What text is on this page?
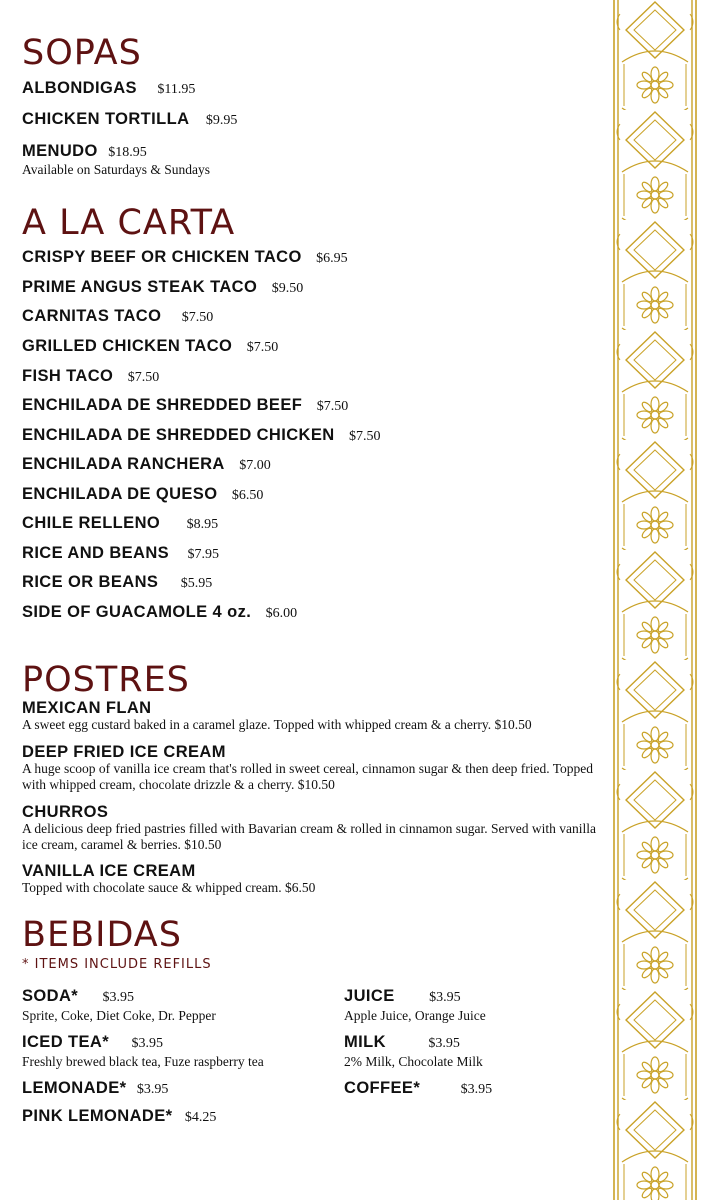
SOPAS
ALBONDIGAS $11.95
CHICKEN TORTILLA $9.95
MENUDO $18.95
Available on Saturdays & Sundays
A LA CARTA
CRISPY BEEF OR CHICKEN TACO $6.95
PRIME ANGUS STEAK TACO $9.50
CARNITAS TACO $7.50
GRILLED CHICKEN TACO $7.50
FISH TACO $7.50
ENCHILADA DE SHREDDED BEEF $7.50
ENCHILADA DE SHREDDED CHICKEN $7.50
ENCHILADA RANCHERA $7.00
ENCHILADA DE QUESO $6.50
CHILE RELLENO $8.95
RICE AND BEANS $7.95
RICE OR BEANS $5.95
SIDE OF GUACAMOLE 4 oz. $6.00
POSTRES
MEXICAN FLAN
A sweet egg custard baked in a caramel glaze. Topped with whipped cream & a cherry. $10.50
DEEP FRIED ICE CREAM
A huge scoop of vanilla ice cream that's rolled in sweet cereal, cinnamon sugar & then deep fried. Topped with whipped cream, chocolate drizzle & a cherry. $10.50
CHURROS
A delicious deep fried pastries filled with Bavarian cream & rolled in cinnamon sugar. Served with vanilla ice cream, caramel & berries. $10.50
VANILLA ICE CREAM
Topped with chocolate sauce & whipped cream. $6.50
BEBIDAS
* ITEMS INCLUDE REFILLS
SODA* $3.95
Sprite, Coke, Diet Coke, Dr. Pepper
ICED TEA* $3.95
Freshly brewed black tea, Fuze raspberry tea
LEMONADE* $3.95
PINK LEMONADE* $4.25
JUICE $3.95
Apple Juice, Orange Juice
MILK	$3.95
2% Milk, Chocolate Milk
COFFEE*	$3.95
